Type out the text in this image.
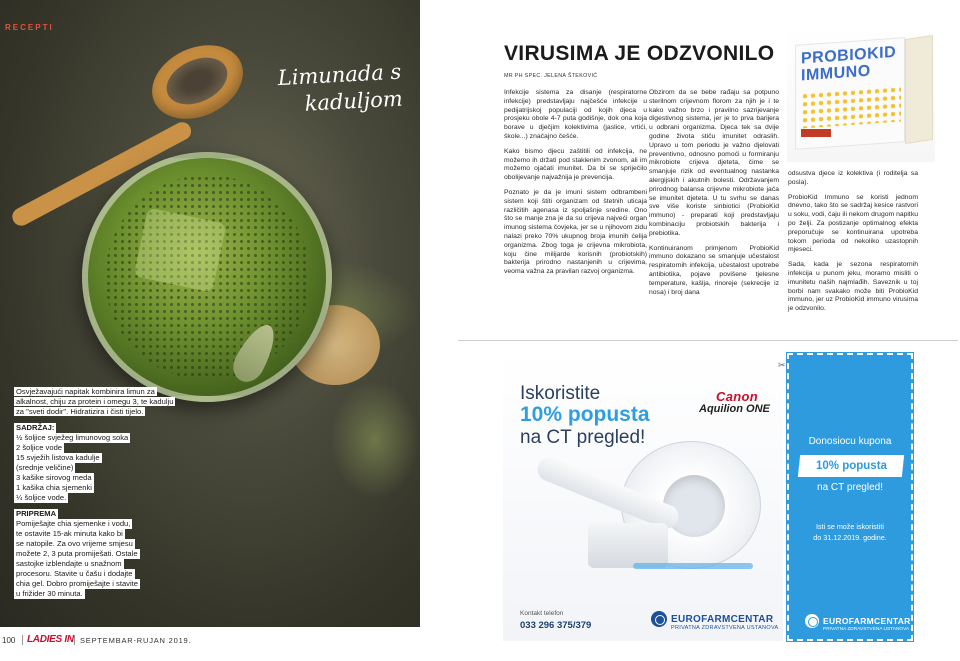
RECEPTI
Limunada s
kaduljom
Osvježavajući napitak kombinira limun za alkalnost, chiju za protein i omegu 3, te kadulju za "sveti dodir". Hidratizira i čisti tijelo.
SADRŽAJ:
½ šoljice svježeg limunovog soka
2 šoljice vode
15 svježih listova kadulje
(srednje veličine)
3 kašike sirovog meda
1 kašika chia sjemenki
¼ šoljice vode.
PRIPREMA
Pomiješajte chia sjemenke i vodu,
te ostavite 15-ak minuta kako bi
se natopile. Za ovo vrijeme smjesu
možete 2, 3 puta promiješati. Ostale
sastojke izblendajte u snažnom
procesoru. Stavite u čašu i dodajte
chia gel. Dobro promiješajte i stavite
u frižider 30 minuta.
100 LADIES IN SEPTEMBAR-RUJAN 2019.
VIRUSIMA JE ODZVONILO
MR PH SPEC. JELENA ŠTEKOVIĆ

Infekcije sistema za disanje (respiratorne infekcije) predstavljaju najčešće infekcije u pedijatrijskoj populaciji od kojih djeca u prosjeku obole 4-7 puta godišnje, dok ona koja borave u dječjim kolektivima (jaslice, vrtići, škole...) značajno češće.

Kako bismo djecu zaštitili od infekcija, ne možemo ih držati pod staklenim zvonom, ali im možemo ojačati imunitet. Da bi se spriječilo obolijevanje najvažnija je prevencija.

Poznato je da je imuni sistem odbrambeni sistem koji štiti organizam od štetnih uticaja različitih agenasa iz spoljašnje sredine. Ono što se manje zna je da su crijeva najveći organ imunog sistema čovjeka, jer se u njihovom zidu nalazi preko 70% ukupnog broja imunih ćelija organizma. Zbog toga je crijevna mikrobiota, koju čine milijarde korisnih (probiotskih) bakterija prirodno nastanjenih u crijevima, veoma važna za pravilan razvoj organizma.

Obzirom da se bebe rađaju sa potpuno sterilnom crijevnom florom za njih je i te kako važno brzo i pravilno sazrijevanje digestivnog sistema, jer je to prva barijera u odbrani organizma. Djeca tek sa dvije godine života stiču imunitet odraslih. Upravo u tom periodu je važno djelovati preventivno, odnosno pomoći u formiranju mikrobiote crijeva djeteta, čime se smanjuje rizik od eventualnog nastanka alergijskih i akutnih bolesti. Održavanjem prirodnog balansa crijevne mikrobiote jača se imunitet djeteta. U tu svrhu se danas sve više koriste sinbiotici (ProbioKid immuno) - preparati koji predstavljaju kombinaciju probiotskih bakterija i prebiotika.

Kontinuiranom primjenom ProbioKid immuno dokazano se smanjuje učestalost respiratornih infekcija, učestalost upotrebe antibiotika, pojave povišene tjelesne temperature, kašlja, rinoreje (sekrecije iz nosa) i broj dana

odsustva djece iz kolektiva (i roditelja sa posla).

ProbioKid Immuno se koristi jednom dnevno, tako što se sadržaj kesice rastvori u soku, vodi, čaju ili nekom drugom napitku po želji. Za postizanje optimalnog efekta preporučuje se kontinuirana upotreba tokom perioda od nekoliko uzastopnih mjeseci.

Sada, kada je sezona respiratornih infekcija u punom jeku, moramo misliti o imunitetu naših najmlađih. Saveznik u toj borbi nam svakako može biti ProbioKid immuno, jer uz ProbioKid immuno virusima je odzvonilo.

PROBIOKID
IMMUNO
Iskoristite
10% popusta
na CT pregled!
Canon
Aquilion ONE
Kontakt telefon
033 296 375/379
EUROFARMCENTAR
PRIVATNA ZDRAVSTVENA USTANOVA
✂
Donosiocu kupona
10% popusta
na CT pregled!
Isti se može iskoristiti
do 31.12.2019. godine.
EUROFARMCENTAR
PRIVATNA ZDRAVSTVENA USTANOVA
